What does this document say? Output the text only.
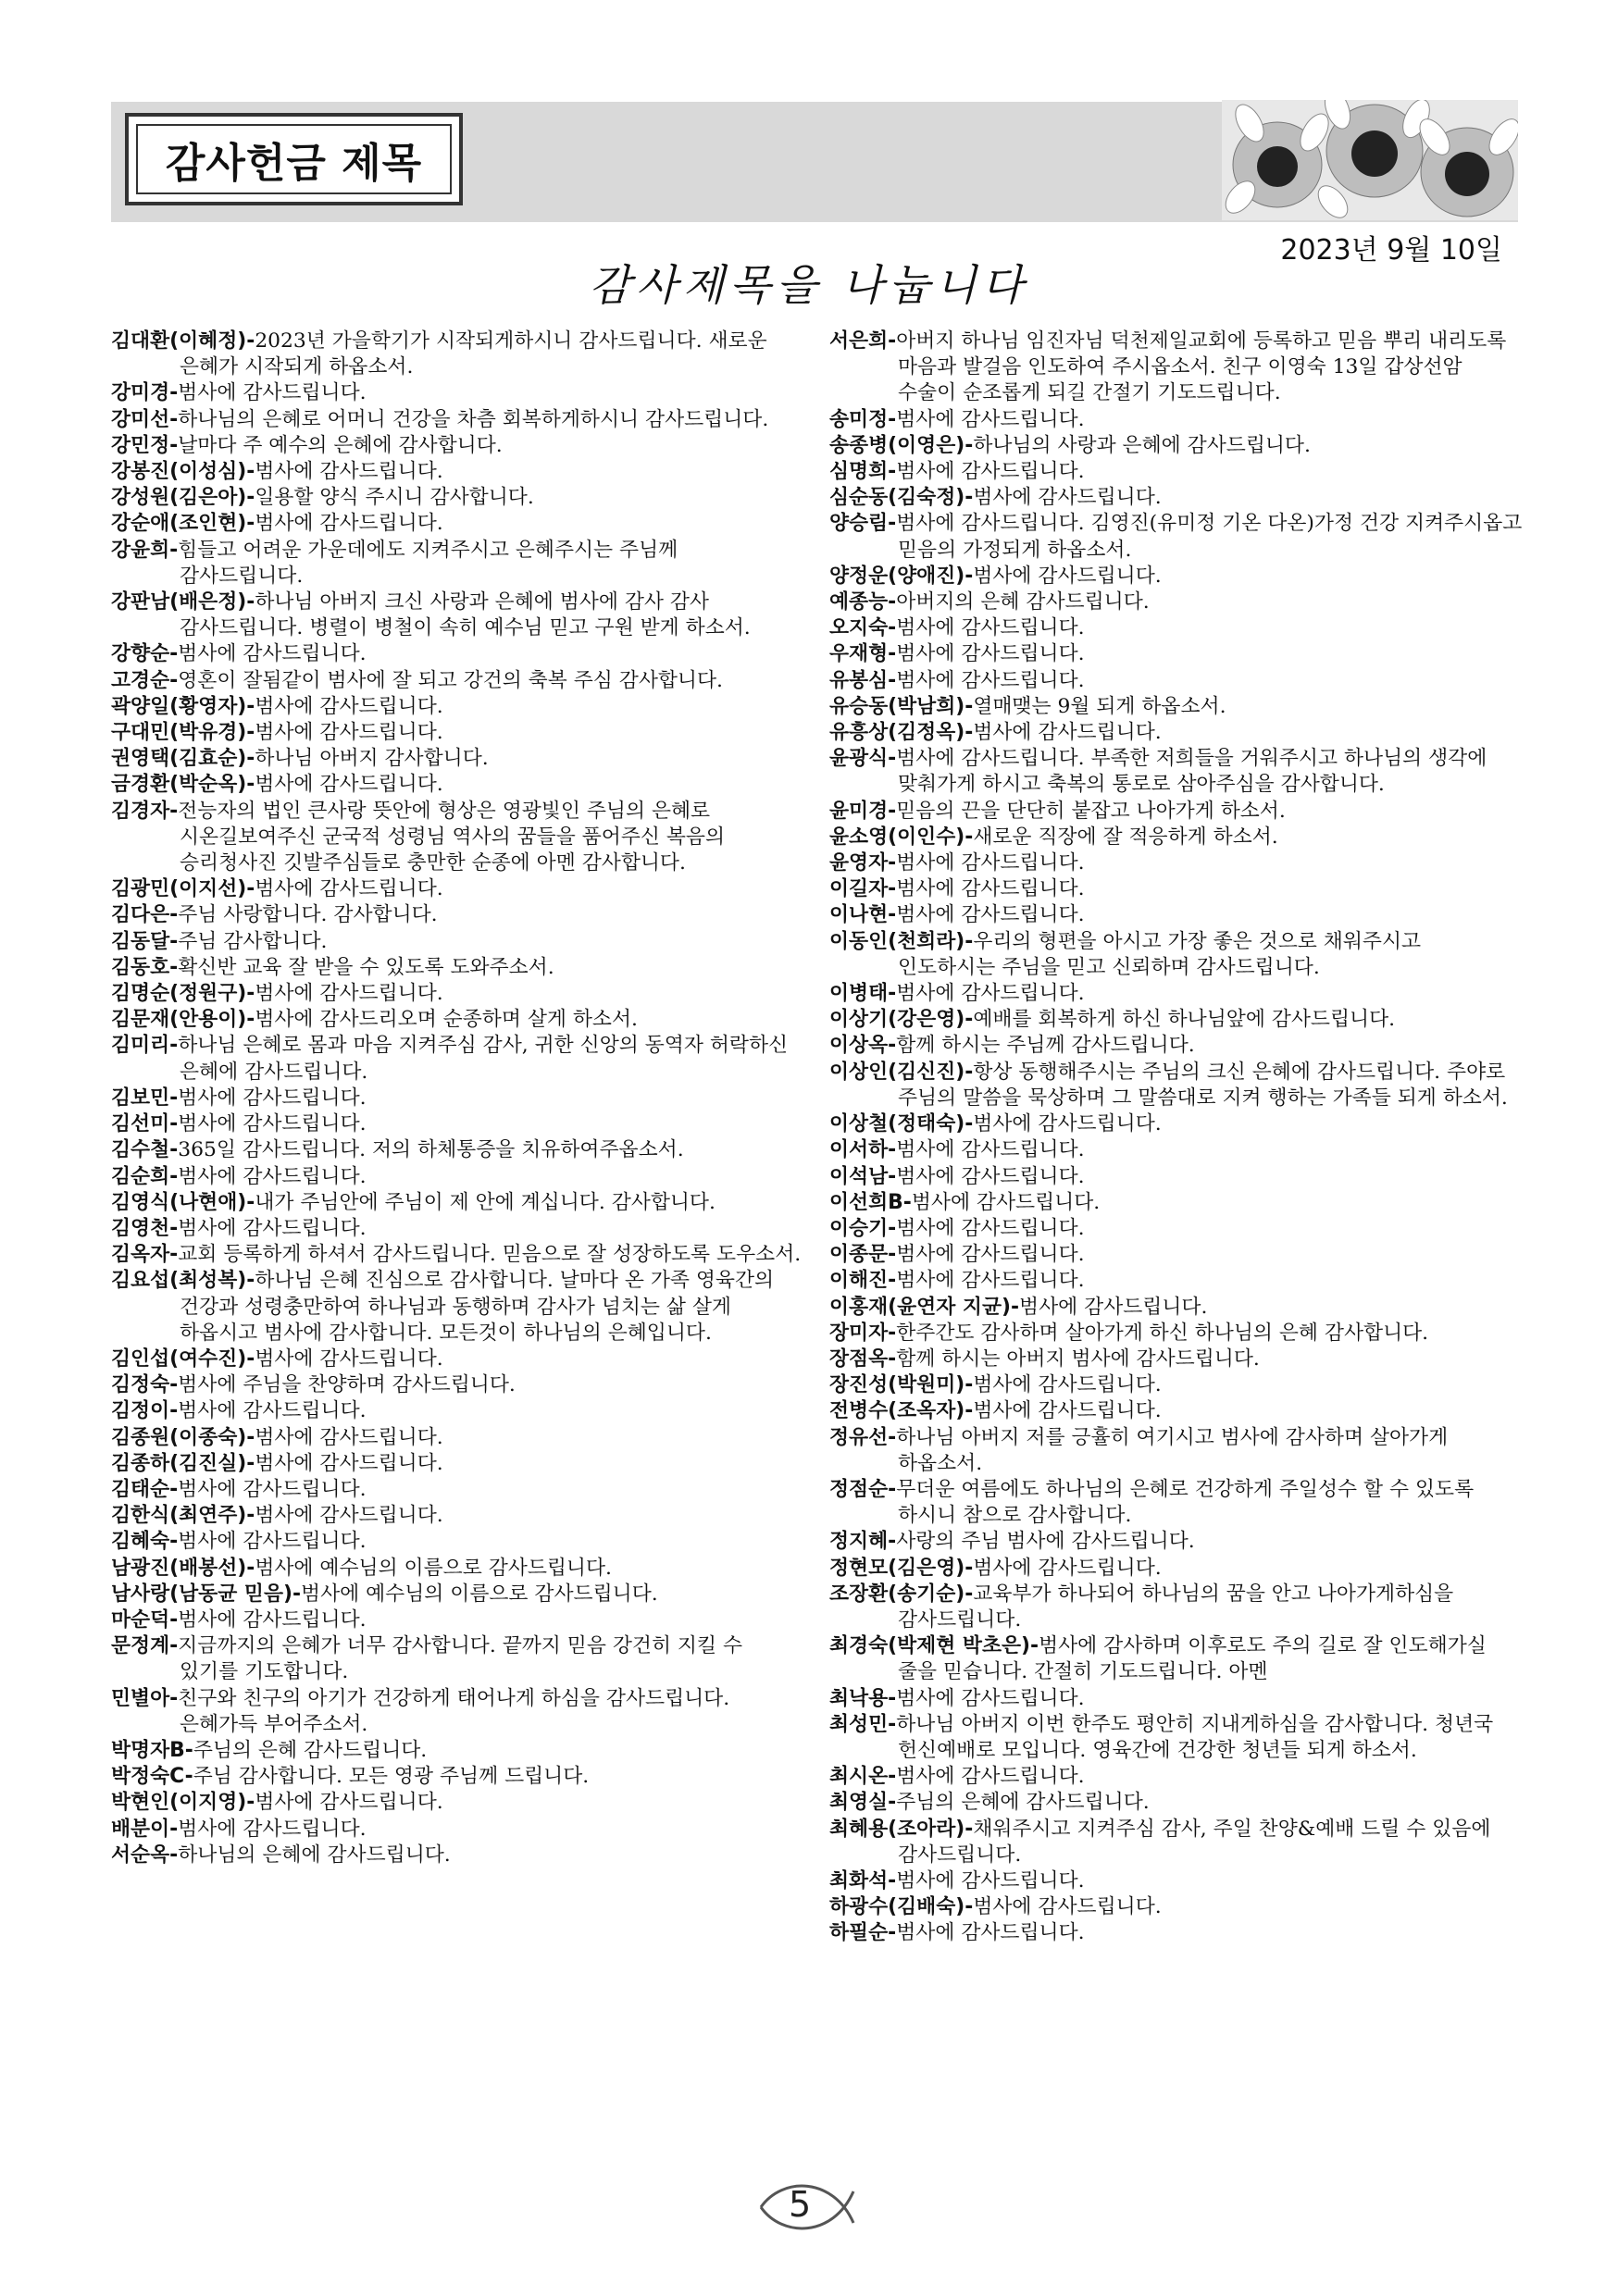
감사헌금 제목
2023년 9월 10일
감사제목을 나눕니다
김대환(이혜정)-2023년 가을학기가 시작되게하시니 감사드립니다. 새로운 은혜가 시작되게 하옵소서.
강미경-범사에 감사드립니다.
강미선-하나님의 은혜로 어머니 건강을 차츰 회복하게하시니 감사드립니다.
강민정-날마다 주 예수의 은혜에 감사합니다.
강봉진(이성심)-범사에 감사드립니다.
강성원(김은아)-일용할 양식 주시니 감사합니다.
강순애(조인현)-범사에 감사드립니다.
강윤희-힘들고 어려운 가운데에도 지켜주시고 은혜주시는 주님께 감사드립니다.
강판남(배은정)-하나님 아버지 크신 사랑과 은혜에 범사에 감사 감사 감사드립니다. 병렬이 병철이 속히 예수님 믿고 구원 받게 하소서.
강향순-범사에 감사드립니다.
고경순-영혼이 잘됨같이 범사에 잘 되고 강건의 축복 주심 감사합니다.
곽양일(황영자)-범사에 감사드립니다.
구대민(박유경)-범사에 감사드립니다.
권영택(김효순)-하나님 아버지 감사합니다.
금경환(박순옥)-범사에 감사드립니다.
김경자-전능자의 법인 큰사랑 뜻안에 형상은 영광빛인 주님의 은혜로 시온길보여주신 군국적 성령님 역사의 꿈들을 품어주신 복음의 승리청사진 깃발주심들로 충만한 순종에 아멘 감사합니다.
김광민(이지선)-범사에 감사드립니다.
김다은-주님 사랑합니다. 감사합니다.
김동달-주님 감사합니다.
김동호-확신반 교육 잘 받을 수 있도록 도와주소서.
김명순(정원구)-범사에 감사드립니다.
김문재(안용이)-범사에 감사드리오며 순종하며 살게 하소서.
김미리-하나님 은혜로 몸과 마음 지켜주심 감사, 귀한 신앙의 동역자 허락하신 은혜에 감사드립니다.
김보민-범사에 감사드립니다.
김선미-범사에 감사드립니다.
김수철-365일 감사드립니다. 저의 하체통증을 치유하여주옵소서.
김순희-범사에 감사드립니다.
김영식(나현애)-내가 주님안에 주님이 제 안에 계십니다. 감사합니다.
김영천-범사에 감사드립니다.
김옥자-교회 등록하게 하셔서 감사드립니다. 믿음으로 잘 성장하도록 도우소서.
김요섭(최성복)-하나님 은혜 진심으로 감사합니다. 날마다 온 가족 영육간의 건강과 성령충만하여 하나님과 동행하며 감사가 넘치는 삶 살게 하옵시고 범사에 감사합니다. 모든것이 하나님의 은혜입니다.
김인섭(여수진)-범사에 감사드립니다.
김정숙-범사에 주님을 찬양하며 감사드립니다.
김정이-범사에 감사드립니다.
김종원(이종숙)-범사에 감사드립니다.
김종하(김진실)-범사에 감사드립니다.
김태순-범사에 감사드립니다.
김한식(최연주)-범사에 감사드립니다.
김혜숙-범사에 감사드립니다.
남광진(배봉선)-범사에 예수님의 이름으로 감사드립니다.
남사랑(남동균 믿음)-범사에 예수님의 이름으로 감사드립니다.
마순덕-범사에 감사드립니다.
문정계-지금까지의 은혜가 너무 감사합니다. 끝까지 믿음 강건히 지킬 수 있기를 기도합니다.
민별아-친구와 친구의 아기가 건강하게 태어나게 하심을 감사드립니다. 은혜가득 부어주소서.
박명자B-주님의 은혜 감사드립니다.
박정숙C-주님 감사합니다. 모든 영광 주님께 드립니다.
박현인(이지영)-범사에 감사드립니다.
배분이-범사에 감사드립니다.
서순옥-하나님의 은혜에 감사드립니다.
서은희-아버지 하나님 임진자님 덕천제일교회에 등록하고 믿음 뿌리 내리도록 마음과 발걸음 인도하여 주시옵소서. 친구 이영숙 13일 갑상선암 수술이 순조롭게 되길 간절기 기도드립니다.
송미정-범사에 감사드립니다.
송종병(이영은)-하나님의 사랑과 은혜에 감사드립니다.
심명희-범사에 감사드립니다.
심순동(김숙정)-범사에 감사드립니다.
양승림-범사에 감사드립니다. 김영진(유미정 기온 다온)가정 건강 지켜주시옵고 믿음의 가정되게 하옵소서.
양정운(양애진)-범사에 감사드립니다.
예종능-아버지의 은혜 감사드립니다.
오지숙-범사에 감사드립니다.
우재형-범사에 감사드립니다.
유봉심-범사에 감사드립니다.
유승동(박남희)-열매맺는 9월 되게 하옵소서.
유흥상(김정옥)-범사에 감사드립니다.
윤광식-범사에 감사드립니다. 부족한 저희들을 거워주시고 하나님의 생각에 맞춰가게 하시고 축복의 통로로 삼아주심을 감사합니다.
윤미경-믿음의 끈을 단단히 붙잡고 나아가게 하소서.
윤소영(이인수)-새로운 직장에 잘 적응하게 하소서.
윤영자-범사에 감사드립니다.
이길자-범사에 감사드립니다.
이나현-범사에 감사드립니다.
이동인(천희라)-우리의 형편을 아시고 가장 좋은 것으로 채워주시고 인도하시는 주님을 믿고 신뢰하며 감사드립니다.
이병태-범사에 감사드립니다.
이상기(강은영)-예배를 회복하게 하신 하나님앞에 감사드립니다.
이상옥-함께 하시는 주님께 감사드립니다.
이상인(김신진)-항상 동행해주시는 주님의 크신 은혜에 감사드립니다. 주야로 주님의 말씀을 묵상하며 그 말씀대로 지켜 행하는 가족들 되게 하소서.
이상철(정태숙)-범사에 감사드립니다.
이서하-범사에 감사드립니다.
이석남-범사에 감사드립니다.
이선희B-범사에 감사드립니다.
이승기-범사에 감사드립니다.
이종문-범사에 감사드립니다.
이해진-범사에 감사드립니다.
이홍재(윤연자 지균)-범사에 감사드립니다.
장미자-한주간도 감사하며 살아가게 하신 하나님의 은혜 감사합니다.
장점옥-함께 하시는 아버지 범사에 감사드립니다.
장진성(박원미)-범사에 감사드립니다.
전병수(조옥자)-범사에 감사드립니다.
정유선-하나님 아버지 저를 긍휼히 여기시고 범사에 감사하며 살아가게 하옵소서.
정점순-무더운 여름에도 하나님의 은혜로 건강하게 주일성수 할 수 있도록 하시니 참으로 감사합니다.
정지혜-사랑의 주님 범사에 감사드립니다.
정현모(김은영)-범사에 감사드립니다.
조장환(송기순)-교육부가 하나되어 하나님의 꿈을 안고 나아가게하심을 감사드립니다.
최경숙(박제현 박초은)-범사에 감사하며 이후로도 주의 길로 잘 인도해가실 줄을 믿습니다. 간절히 기도드립니다. 아멘
최낙용-범사에 감사드립니다.
최성민-하나님 아버지 이번 한주도 평안히 지내게하심을 감사합니다. 청년국 헌신예배로 모입니다. 영육간에 건강한 청년들 되게 하소서.
최시온-범사에 감사드립니다.
최영실-주님의 은혜에 감사드립니다.
최혜용(조아라)-채워주시고 지켜주심 감사, 주일 찬양&예배 드릴 수 있음에 감사드립니다.
최화석-범사에 감사드립니다.
하광수(김배숙)-범사에 감사드립니다.
하필순-범사에 감사드립니다.
5
